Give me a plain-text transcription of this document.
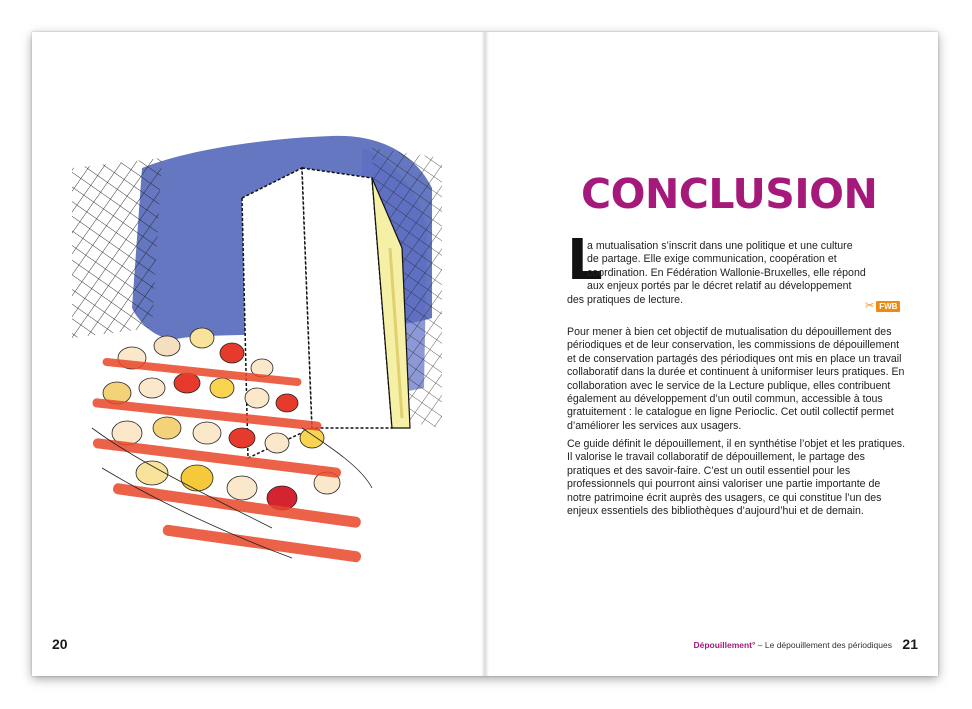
20
CONCLUSION
L
a mutualisation s’inscrit dans une politique et une culture
de partage. Elle exige communication, coopération et
coordination. En Fédération Wallonie-Bruxelles, elle répond
aux enjeux portés par le décret relatif au développement
des pratiques de lecture.
✂ FWB

Pour mener à bien cet objectif de mutualisation du dépouillement des périodiques et de leur conservation, les commissions de dépouillement et de conservation partagés des périodiques ont mis en place un travail collaboratif dans la durée et continuent à uniformiser leurs pratiques. En collaboration avec le service de la Lecture publique, elles contribuent également au développement d’un outil commun, accessible à tous gratuitement : le catalogue en ligne Perioclic. Cet outil collectif permet d’améliorer les services aux usagers.

Ce guide définit le dépouillement, il en synthétise l’objet et les pratiques. Il valorise le travail collaboratif de dépouillement, le partage des pratiques et des savoir-faire. C’est un outil essentiel pour les professionnels qui pourront ainsi valoriser une partie importante de notre patrimoine écrit auprès des usagers, ce qui constitue l’un des enjeux essentiels des bibliothèques d’aujourd’hui et de demain.

Dépouillement° – Le dépouillement des périodiques 21
